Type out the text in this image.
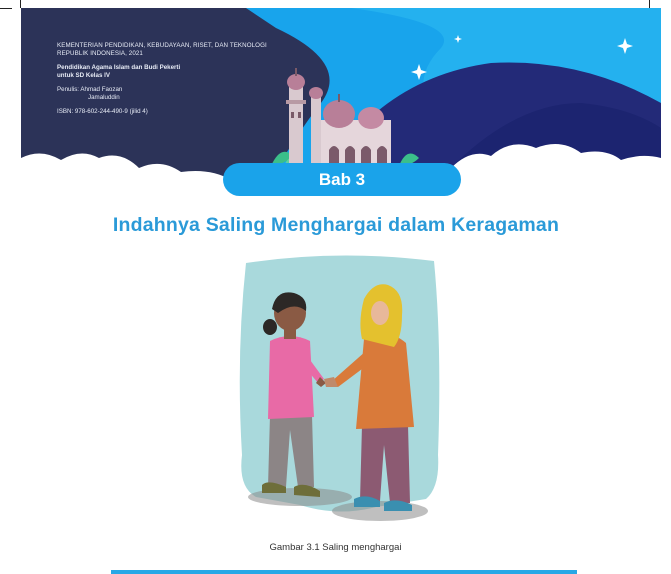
KEMENTERIAN PENDIDIKAN, KEBUDAYAAN, RISET, DAN TEKNOLOGI
REPUBLIK INDONESIA, 2021
Pendidikan Agama Islam dan Budi Pekerti
untuk SD Kelas IV
Penulis: Ahmad Faozan
Jamaluddin
ISBN: 978-602-244-490-9 (jilid 4)
Bab 3
Indahnya Saling Menghargai dalam Keragaman
Gambar 3.1 Saling menghargai
